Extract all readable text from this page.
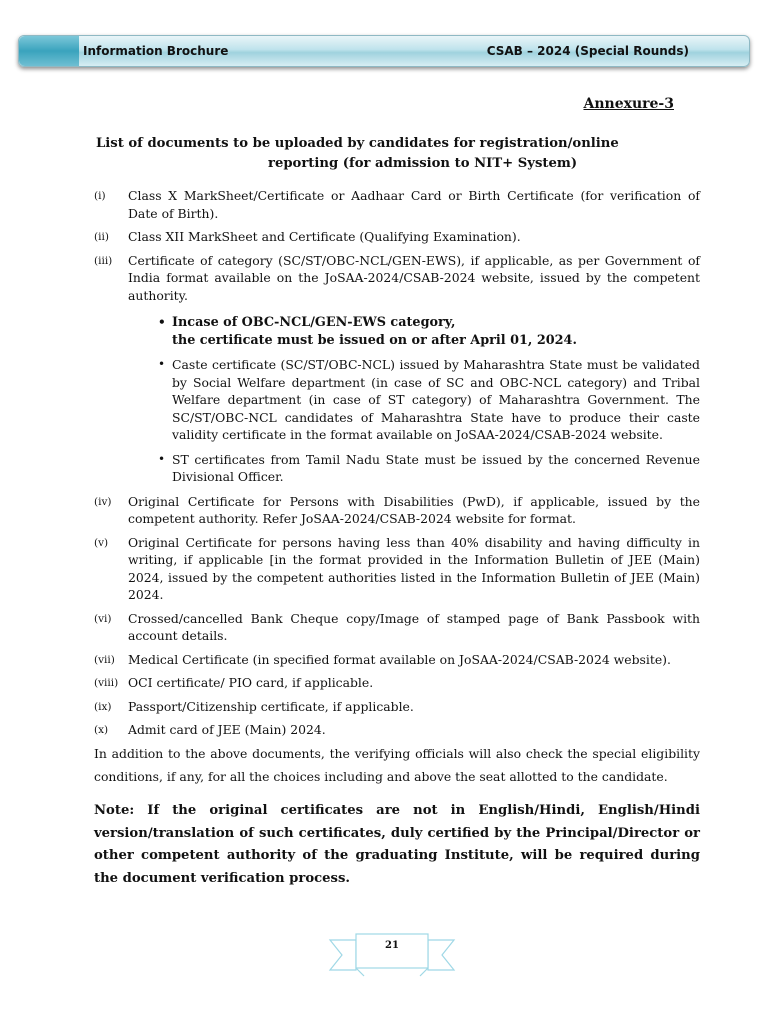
Information Brochure	CSAB – 2024 (Special Rounds)
Annexure-3
List of documents to be uploaded by candidates for registration/online
reporting (for admission to NIT+ System)
(i) Class X MarkSheet/Certificate or Aadhaar Card or Birth Certificate (for verification of Date of Birth).
(ii) Class XII MarkSheet and Certificate (Qualifying Examination).
(iii) Certificate of category (SC/ST/OBC-NCL/GEN-EWS), if applicable, as per Government of India format available on the JoSAA-2024/CSAB-2024 website, issued by the competent authority.
• Incase of OBC-NCL/GEN-EWS category,
the certificate must be issued on or after April 01, 2024.
• Caste certificate (SC/ST/OBC-NCL) issued by Maharashtra State must be validated by Social Welfare department (in case of SC and OBC-NCL category) and Tribal Welfare department (in case of ST category) of Maharashtra Government. The SC/ST/OBC-NCL candidates of Maharashtra State have to produce their caste validity certificate in the format available on JoSAA-2024/CSAB-2024 website.
• ST certificates from Tamil Nadu State must be issued by the concerned Revenue Divisional Officer.
(iv) Original Certificate for Persons with Disabilities (PwD), if applicable, issued by the competent authority. Refer JoSAA-2024/CSAB-2024 website for format.
(v) Original Certificate for persons having less than 40% disability and having difficulty in writing, if applicable [in the format provided in the Information Bulletin of JEE (Main) 2024, issued by the competent authorities listed in the Information Bulletin of JEE (Main) 2024.
(vi) Crossed/cancelled Bank Cheque copy/Image of stamped page of Bank Passbook with account details.
(vii) Medical Certificate (in specified format available on JoSAA-2024/CSAB-2024 website).
(viii) OCI certificate/ PIO card, if applicable.
(ix) Passport/Citizenship certificate, if applicable.
(x) Admit card of JEE (Main) 2024.
In addition to the above documents, the verifying officials will also check the special eligibility conditions, if any, for all the choices including and above the seat allotted to the candidate.
Note: If the original certificates are not in English/Hindi, English/Hindi version/translation of such certificates, duly certified by the Principal/Director or other competent authority of the graduating Institute, will be required during the document verification process.
21
